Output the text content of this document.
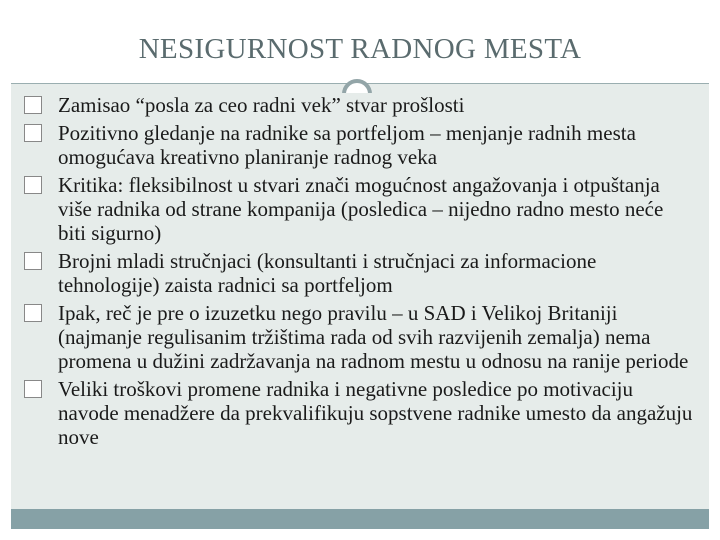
NESIGURNOST RADNOG MESTA
Zamisao “posla za ceo radni vek” stvar prošlosti
Pozitivno gledanje na radnike sa portfeljom – menjanje radnih mesta omogućava kreativno planiranje radnog veka
Kritika: fleksibilnost u stvari znači mogućnost angažovanja i otpuštanja više radnika od strane kompanija (posledica – nijedno radno mesto neće biti sigurno)
Brojni mladi stručnjaci (konsultanti i stručnjaci za informacione tehnologije) zaista radnici sa portfeljom
Ipak, reč je pre o izuzetku nego pravilu – u SAD i Velikoj Britaniji (najmanje regulisanim tržištima rada od svih razvijenih zemalja) nema promena u dužini zadržavanja na radnom mestu u odnosu na ranije periode
Veliki troškovi promene radnika i negativne posledice po motivaciju navode menadžere da prekvalifikuju sopstvene radnike umesto da angažuju nove
